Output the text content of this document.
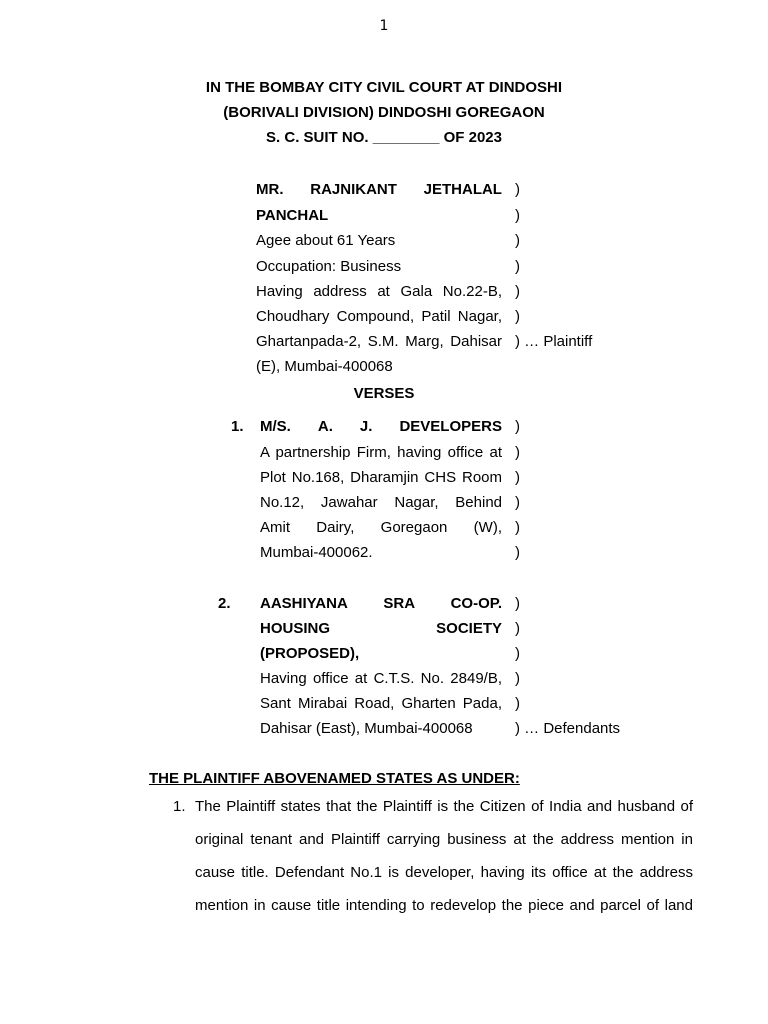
1
IN THE BOMBAY CITY CIVIL COURT AT DINDOSHI
(BORIVALI DIVISION) DINDOSHI GOREGAON
S. C. SUIT NO. ________ OF 2023
MR. RAJNIKANT JETHALAL
PANCHAL
Agee about 61 Years
Occupation: Business
Having address at Gala No.22-B,
Choudhary Compound, Patil Nagar,
Ghartanpada-2, S.M. Marg, Dahisar
(E), Mumbai-400068
)
)
)
)
)
)
) … Plaintiff
VERSES
1. M/S. A. J. DEVELOPERS
A partnership Firm, having office at
Plot No.168, Dharamjin CHS Room
No.12, Jawahar Nagar, Behind
Amit Dairy, Goregaon (W),
Mumbai-400062.
)
)
)
)
)
)
2. AASHIYANA SRA CO-OP.
HOUSING SOCIETY
(PROPOSED),
Having office at C.T.S. No. 2849/B,
Sant Mirabai Road, Gharten Pada,
Dahisar (East), Mumbai-400068
)
)
)
)
)
) … Defendants
THE PLAINTIFF ABOVENAMED STATES AS UNDER:
1. The Plaintiff states that the Plaintiff is the Citizen of India and husband of
original tenant and Plaintiff carrying business at the address mention in
cause title. Defendant No.1 is developer, having its office at the address
mention in cause title intending to redevelop the piece and parcel of land
